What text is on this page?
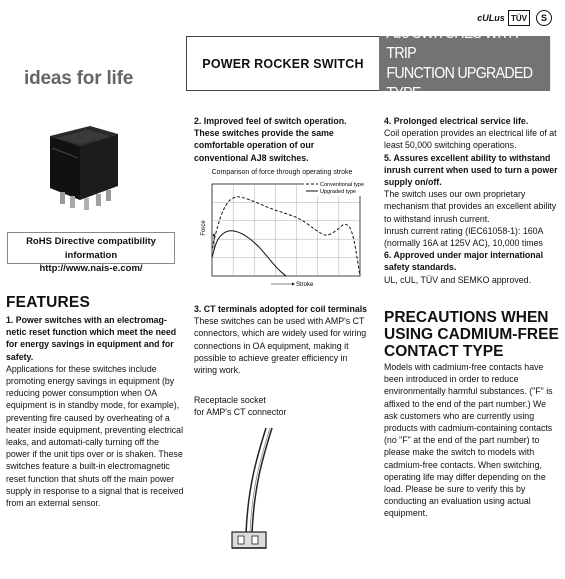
cULus TÜV	S
POWER ROCKER SWITCH
AJ8 SWITCHES WITH TRIP
FUNCTION UPGRADED TYPE
ideas for life
RoHS Directive compatibility information
http://www.nais-e.com/
FEATURES

1. Power switches with an electromag-netic reset function which meet the need for energy savings in equipment and for safety.

Applications for these switches include promoting energy savings in equipment (by reducing power consumption when OA equipment is in standby mode, for example), preventing fire caused by overheating of a heater inside equipment, preventing electrical leaks, and automati-cally turning off the power if the unit tips over or is shaken. These switches feature a built-in electromagnetic reset function that shuts off the main power supply in response to a signal that is received from an external sensor.

2. Improved feel of switch operation. These switches provide the same comfortable operation of our conventional AJ8 switches.
Comparison of force through operating stroke
Force
Stroke
Conventional type
Upgraded type

3. CT terminals adopted for coil terminals

These switches can be used with AMP's CT connectors, which are widely used for wiring connections in OA equipment, making it possible to achieve greater efficiency in wiring work.

Receptacle socket

for AMP's CT connector

4. Prolonged electrical service life.

Coil operation provides an electrical life of at least 50,000 switching operations.

5. Assures excellent ability to withstand inrush current when used to turn a power supply on/off.

The switch uses our own proprietary mechanism that provides an excellent ability to withstand inrush current.

Inrush current rating (IEC61058-1): 160A (normally 16A at 125V AC), 10,000 times

6. Approved under major international safety standards.

UL, cUL, TÜV and SEMKO approved.

PRECAUTIONS WHEN USING CADMIUM-FREE CONTACT TYPE
Models with cadmium-free contacts have been introduced in order to reduce environmentally harmful substances. ("F" is affixed to the end of the part number.) We ask customers who are currently using products with cadmium-containing contacts (no "F" at the end of the part number) to please make the switch to models with cadmium-free contacts. When switching, operating life may differ depending on the load. Please be sure to verify this by conducting an evaluation using actual equipment.
